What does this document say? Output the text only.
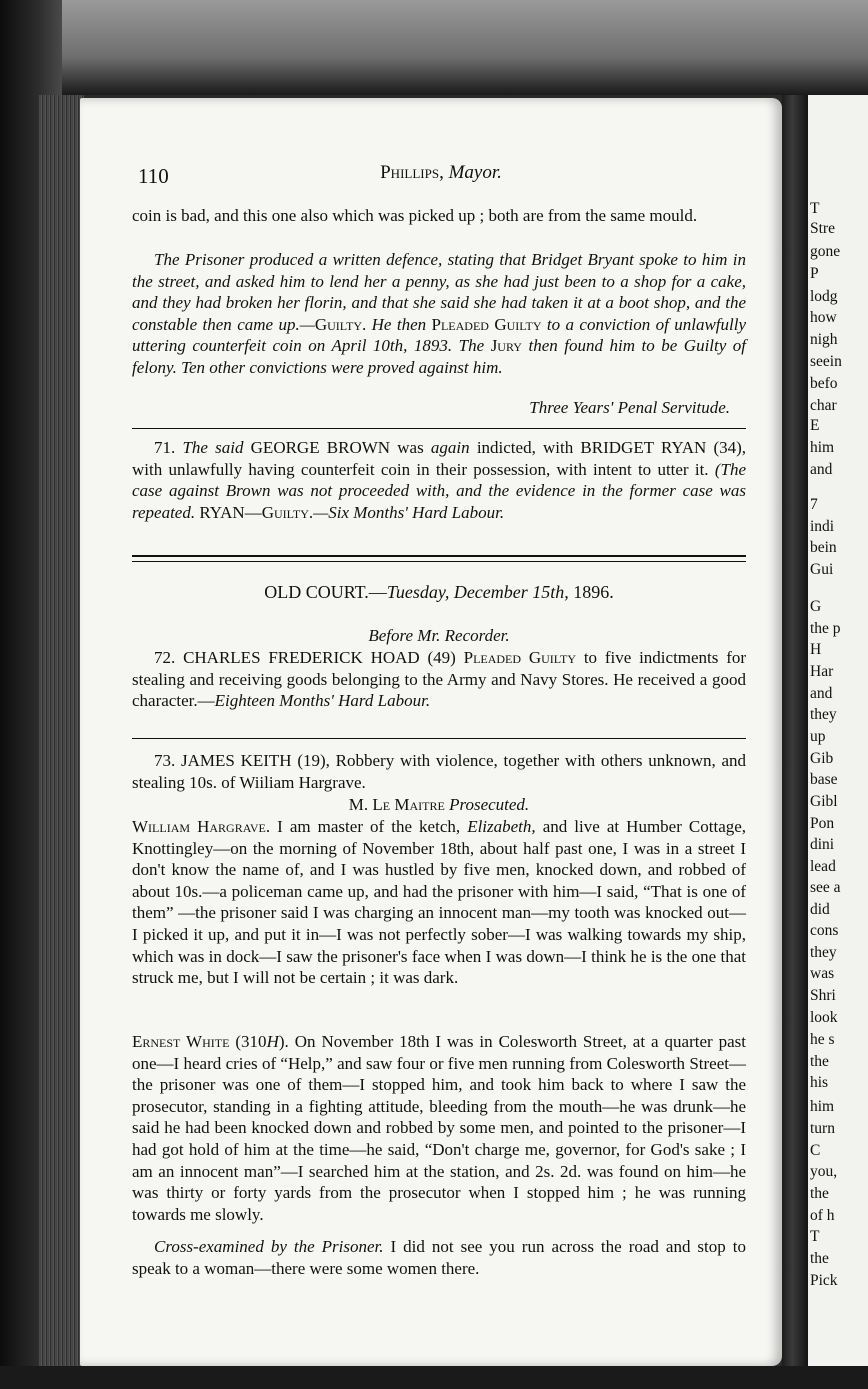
T
Stre
gone
P
lodg
how
nigh
seein
befo
char
E
him
and
7
indi
bein
Gui
G
the p
H
Har
and
they
up
Gib
base
Gibl
Pon
dini
lead
see a
did
cons
they
was
Shri
look
he s
the
his
him
turn
C
you,
the
of h
T
the
Pick
110	Phillips, Mayor.
coin is bad, and this one also which was picked up ; both are from the same mould.
The Prisoner produced a written defence, stating that Bridget Bryant spoke to him in the street, and asked him to lend her a penny, as she had just been to a shop for a cake, and they had broken her florin, and that she said she had taken it at a boot shop, and the constable then came up.—Guilty. He then Pleaded Guilty to a conviction of unlawfully uttering counterfeit coin on April 10th, 1893. The Jury then found him to be Guilty of felony. Ten other convictions were proved against him.
Three Years' Penal Servitude.
71. The said GEORGE BROWN was again indicted, with BRIDGET RYAN (34), with unlawfully having counterfeit coin in their possession, with intent to utter it. (The case against Brown was not proceeded with, and the evidence in the former case was repeated. RYAN—Guilty.—Six Months' Hard Labour.
OLD COURT.—Tuesday, December 15th, 1896.
Before Mr. Recorder.
72. CHARLES FREDERICK HOAD (49) Pleaded Guilty to five indictments for stealing and receiving goods belonging to the Army and Navy Stores. He received a good character.—Eighteen Months' Hard Labour.
73. JAMES KEITH (19), Robbery with violence, together with others unknown, and stealing 10s. of Wiiliam Hargrave.
M. Le Maitre Prosecuted.
William Hargrave. I am master of the ketch, Elizabeth, and live at Humber Cottage, Knottingley—on the morning of November 18th, about half past one, I was in a street I don't know the name of, and I was hustled by five men, knocked down, and robbed of about 10s.—a policeman came up, and had the prisoner with him—I said, “That is one of them” —the prisoner said I was charging an innocent man—my tooth was knocked out—I picked it up, and put it in—I was not perfectly sober—I was walking towards my ship, which was in dock—I saw the prisoner's face when I was down—I think he is the one that struck me, but I will not be certain ; it was dark.
Ernest White (310H). On November 18th I was in Colesworth Street, at a quarter past one—I heard cries of “Help,” and saw four or five men running from Colesworth Street—the prisoner was one of them—I stopped him, and took him back to where I saw the prosecutor, standing in a fighting attitude, bleeding from the mouth—he was drunk—he said he had been knocked down and robbed by some men, and pointed to the prisoner—I had got hold of him at the time—he said, “Don't charge me, governor, for God's sake ; I am an innocent man”—I searched him at the station, and 2s. 2d. was found on him—he was thirty or forty yards from the prosecutor when I stopped him ; he was running towards me slowly.
Cross-examined by the Prisoner. I did not see you run across the road and stop to speak to a woman—there were some women there.
